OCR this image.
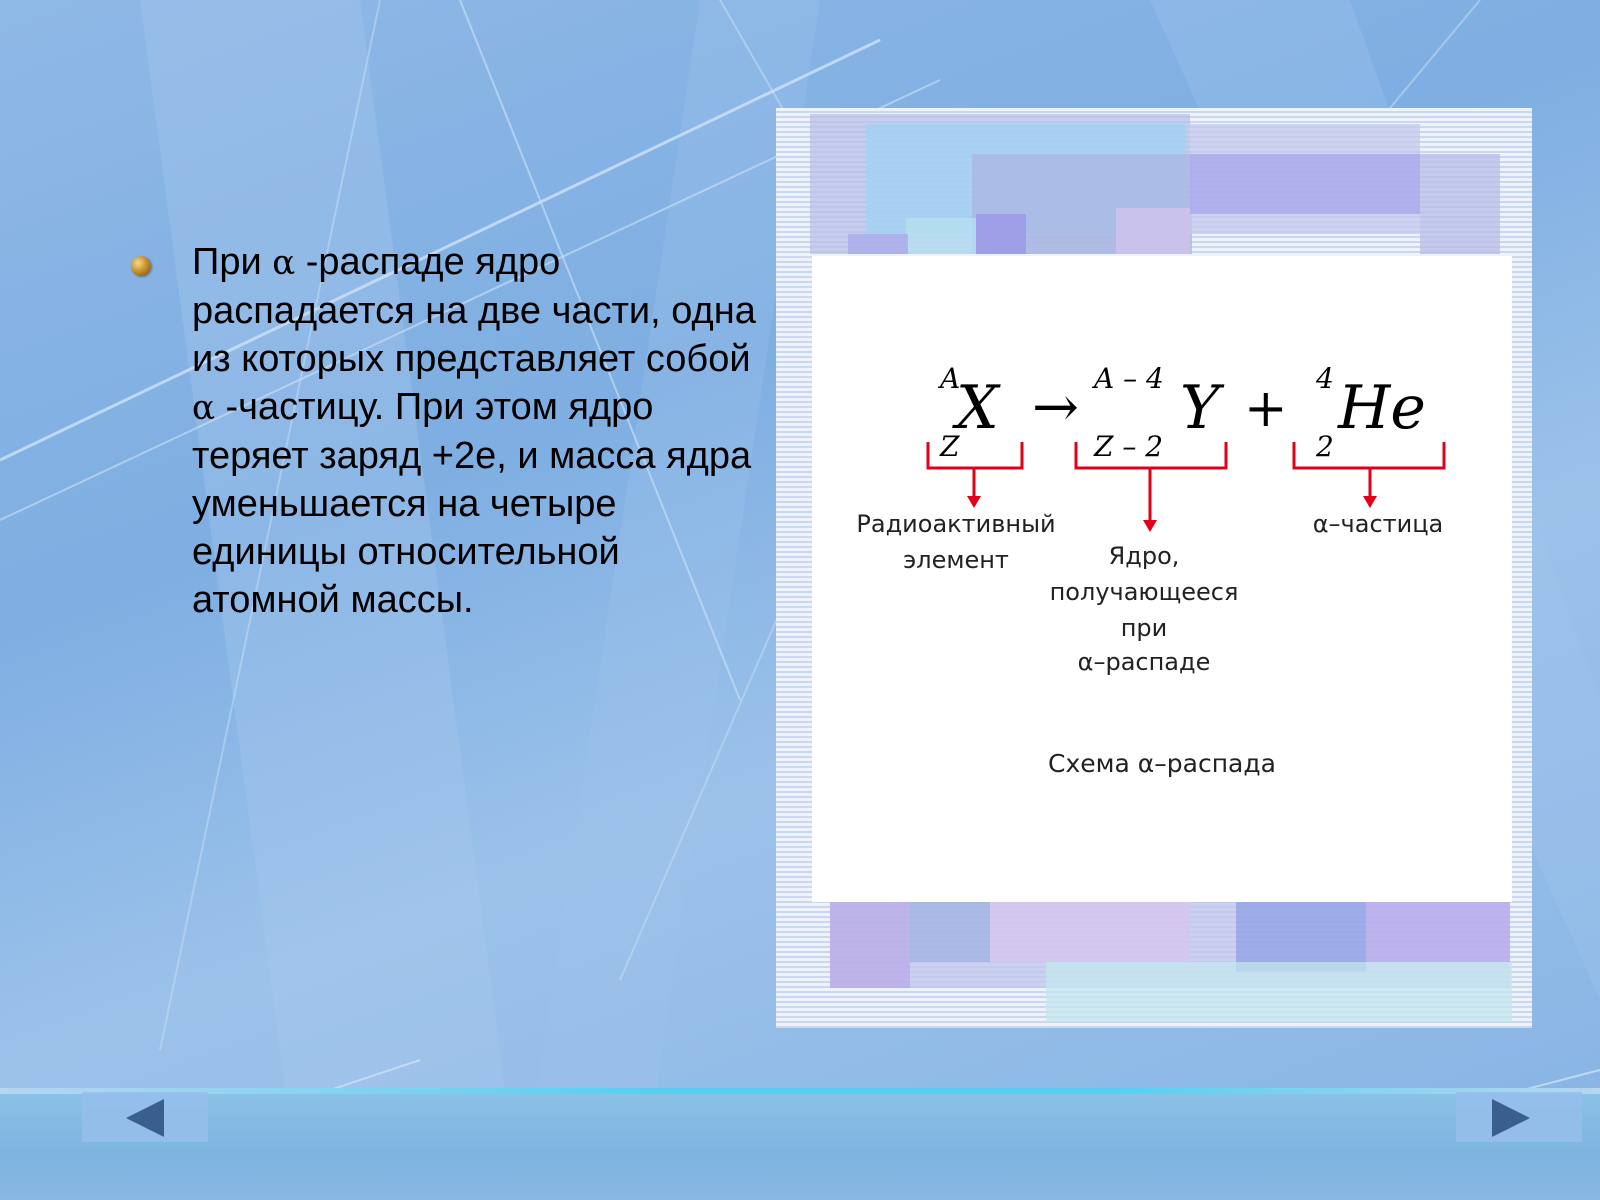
При α -распаде ядро распадается на две части, одна из которых представляет собой α -частицу. При этом ядро теряет заряд +2e, и масса ядра уменьшается на четыре единицы относительной атомной массы.

A
X
Z
→ A – 4 Y
Z – 2
+
4 He
2
Радиоактивный
элемент	Ядро,
получающееся
при
α–распаде
α–частица
Схема α–распада
